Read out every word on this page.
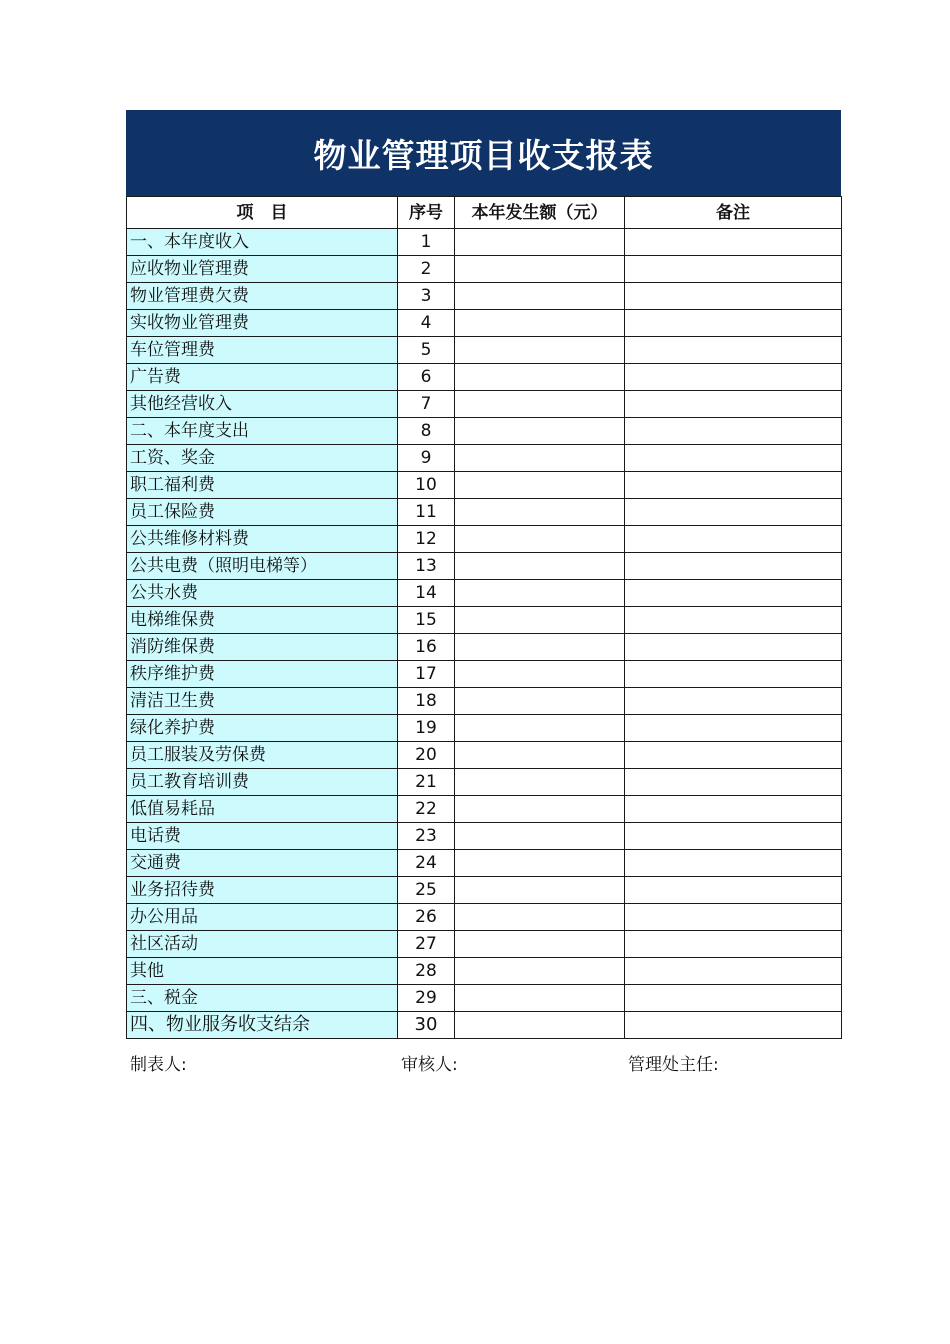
物业管理项目收支报表
项　目	序号	本年发生额（元）	备注
一、本年度收入	1		
应收物业管理费	2		
物业管理费欠费	3		
实收物业管理费	4		
车位管理费	5		
广告费	6		
其他经营收入	7		
二、本年度支出	8		
工资、奖金	9		
职工福利费	10		
员工保险费	11		
公共维修材料费	12		
公共电费（照明电梯等）	13		
公共水费	14		
电梯维保费	15		
消防维保费	16		
秩序维护费	17		
清洁卫生费	18		
绿化养护费	19		
员工服装及劳保费	20		
员工教育培训费	21		
低值易耗品	22		
电话费	23		
交通费	24		
业务招待费	25		
办公用品	26		
社区活动	27		
其他	28		
三、税金	29		
四、物业服务收支结余	30		
制表人:	审核人:	管理处主任:
